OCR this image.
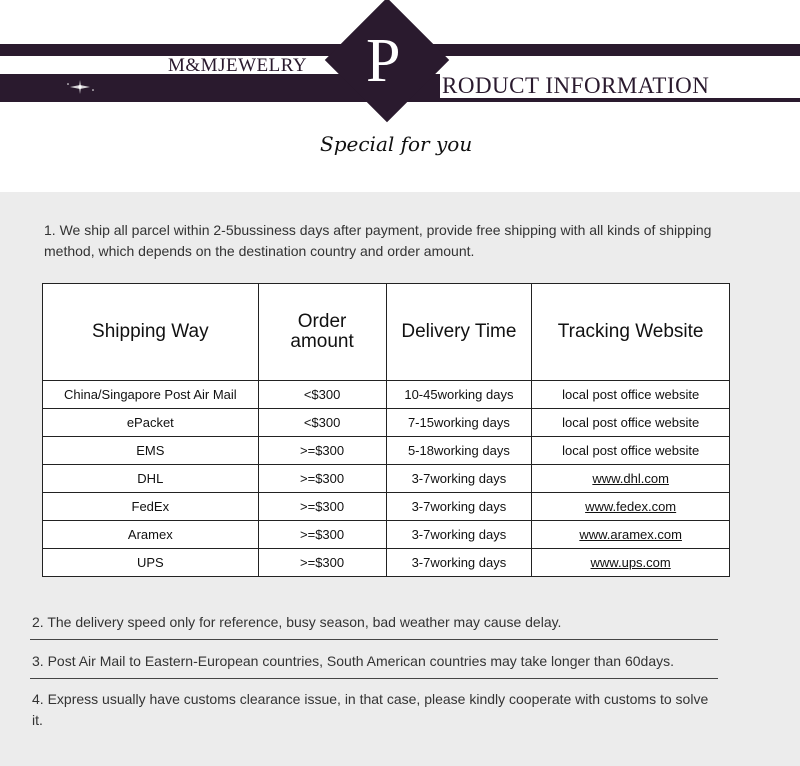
M&MJEWELRY P RODUCT INFORMATION
Special for you
1. We ship all parcel within 2-5bussiness days after payment, provide free shipping with all kinds of shipping method, which depends on the destination country and order amount.
Shipping Way	Order amount	Delivery Time	Tracking Website
China/Singapore Post Air Mail	<$300	10-45working days	local post office website
ePacket	<$300	7-15working days	local post office website
EMS	>=$300	5-18working days	local post office website
DHL	>=$300	3-7working days	www.dhl.com
FedEx	>=$300	3-7working days	www.fedex.com
Aramex	>=$300	3-7working days	www.aramex.com
UPS	>=$300	3-7working days	www.ups.com
2. The delivery speed only for reference, busy season, bad weather may cause delay.
3. Post Air Mail to Eastern-European countries, South American countries may take longer than 60days.
4. Express usually have customs clearance issue, in that case, please kindly cooperate with customs to solve it.
